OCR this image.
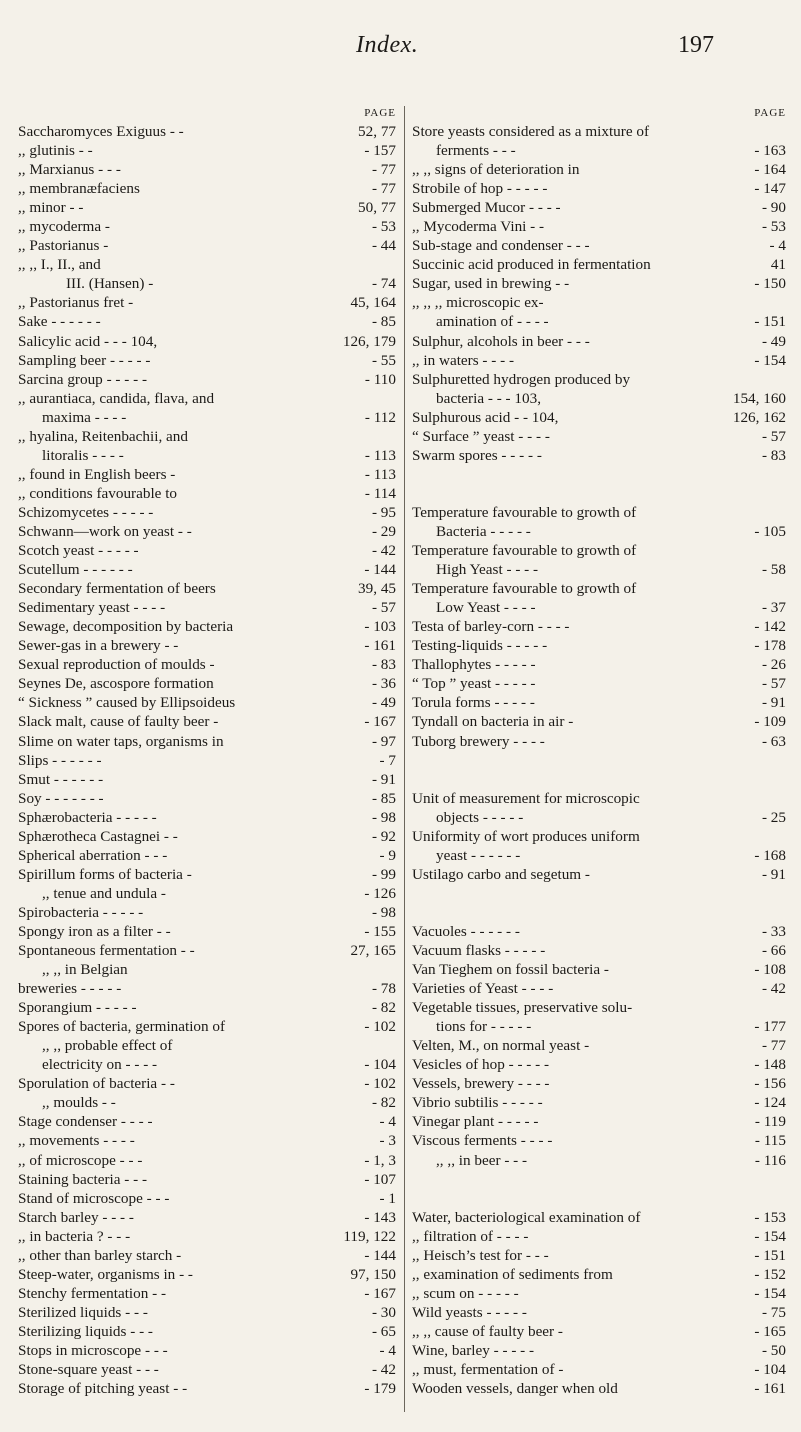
Index.	197
PAGE
Saccharomyces Exiguus - -	52, 77
,, glutinis - -	- 157
,, Marxianus - - -	- 77
,, membranæfaciens	- 77
,, minor - -	50, 77
,, mycoderma -	- 53
,, Pastorianus -	- 44
,, ,, I., II., and
III. (Hansen) -	- 74
,, Pastorianus fret -	45, 164
Sake - - - - - -	- 85
Salicylic acid - - - 104,	126, 179
Sampling beer - - - - -	- 55
Sarcina group - - - - -	- 110
,, aurantiaca, candida, flava, and
maxima - - - -	- 112
,, hyalina, Reitenbachii, and
litoralis - - - -	- 113
,, found in English beers -	- 113
,, conditions favourable to	- 114
Schizomycetes - - - - -	- 95
Schwann—work on yeast - -	- 29
Scotch yeast - - - - -	- 42
Scutellum - - - - - -	- 144
Secondary fermentation of beers	39, 45
Sedimentary yeast - - - -	- 57
Sewage, decomposition by bacteria	- 103
Sewer-gas in a brewery - -	- 161
Sexual reproduction of moulds -	- 83
Seynes De, ascospore formation	- 36
“ Sickness ” caused by Ellipsoideus	- 49
Slack malt, cause of faulty beer -	- 167
Slime on water taps, organisms in	- 97
Slips - - - - - -	- 7
Smut - - - - - -	- 91
Soy - - - - - - -	- 85
Sphærobacteria - - - - -	- 98
Sphærotheca Castagnei - -	- 92
Spherical aberration - - -	- 9
Spirillum forms of bacteria -	- 99
,, tenue and undula -	- 126
Spirobacteria - - - - -	- 98
Spongy iron as a filter - -	- 155
Spontaneous fermentation - -	27, 165
,, ,, in Belgian
breweries - - - - -	- 78
Sporangium - - - - -	- 82
Spores of bacteria, germination of	- 102
,, ,, probable effect of
electricity on - - - -	- 104
Sporulation of bacteria - -	- 102
,, moulds - -	- 82
Stage condenser - - - -	- 4
,, movements - - - -	- 3
,, of microscope - - -	- 1, 3
Staining bacteria - - -	- 107
Stand of microscope - - -	- 1
Starch barley - - - -	- 143
,, in bacteria ? - - -	119, 122
,, other than barley starch -	- 144
Steep-water, organisms in - -	97, 150
Stenchy fermentation - -	- 167
Sterilized liquids - - -	- 30
Sterilizing liquids - - -	- 65
Stops in microscope - - -	- 4
Stone-square yeast - - -	- 42
Storage of pitching yeast - -	- 179
PAGE
Store yeasts considered as a mixture of
ferments - - -	- 163
,, ,, signs of deterioration in	- 164
Strobile of hop - - - - -	- 147
Submerged Mucor - - - -	- 90
,, Mycoderma Vini - -	- 53
Sub-stage and condenser - - -	- 4
Succinic acid produced in fermentation	41
Sugar, used in brewing - -	- 150
,, ,, ,, microscopic ex-
amination of - - - -	- 151
Sulphur, alcohols in beer - - -	- 49
,, in waters - - - -	- 154
Sulphuretted hydrogen produced by
bacteria - - - 103,	154, 160
Sulphurous acid - - 104,	126, 162
“ Surface ” yeast - - - -	- 57
Swarm spores - - - - -	- 83
Temperature favourable to growth of
Bacteria - - - - -	- 105
Temperature favourable to growth of
High Yeast - - - -	- 58
Temperature favourable to growth of
Low Yeast - - - -	- 37
Testa of barley-corn - - - -	- 142
Testing-liquids - - - - -	- 178
Thallophytes - - - - -	- 26
“ Top ” yeast - - - - -	- 57
Torula forms - - - - -	- 91
Tyndall on bacteria in air -	- 109
Tuborg brewery - - - -	- 63
Unit of measurement for microscopic
objects - - - - -	- 25
Uniformity of wort produces uniform
yeast - - - - - -	- 168
Ustilago carbo and segetum -	- 91
Vacuoles - - - - - -	- 33
Vacuum flasks - - - - -	- 66
Van Tieghem on fossil bacteria -	- 108
Varieties of Yeast - - - -	- 42
Vegetable tissues, preservative solu-
tions for - - - - -	- 177
Velten, M., on normal yeast -	- 77
Vesicles of hop - - - - -	- 148
Vessels, brewery - - - -	- 156
Vibrio subtilis - - - - -	- 124
Vinegar plant - - - - -	- 119
Viscous ferments - - - -	- 115
,, ,, in beer - - -	- 116
Water, bacteriological examination of	- 153
,, filtration of - - - -	- 154
,, Heisch’s test for - - -	- 151
,, examination of sediments from	- 152
,, scum on - - - - -	- 154
Wild yeasts - - - - -	- 75
,, ,, cause of faulty beer -	- 165
Wine, barley - - - - -	- 50
,, must, fermentation of -	- 104
Wooden vessels, danger when old	- 161
